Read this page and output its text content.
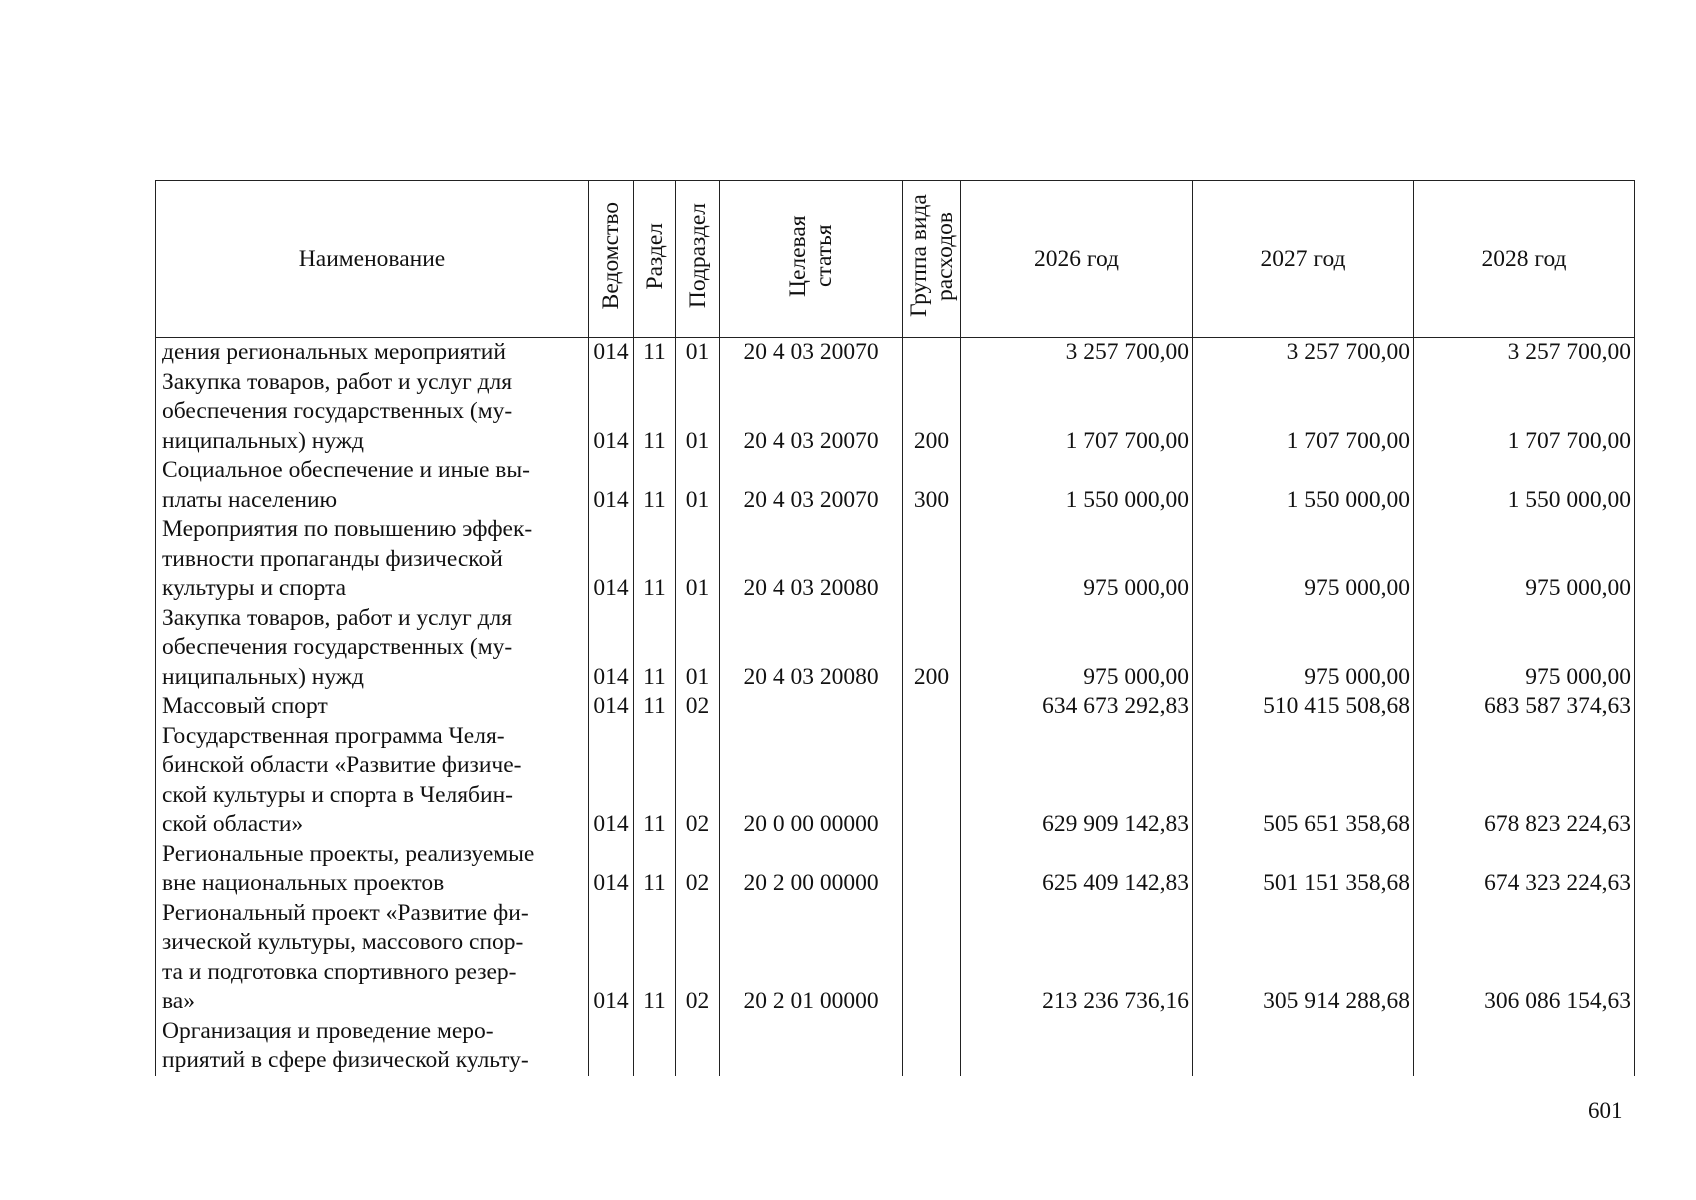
Наименование	Ведомство	Раздел	Подраздел	Целевая статья	Группа вида расходов	2026 год	2027 год	2028 год

дения региональных мероприятий	014	11	01	20 4 03 20070		3 257 700,00	3 257 700,00	3 257 700,00

Закупка товаров, работ и услуг для
обеспечения государственных (му-
ниципальных) нужд	014	11	01	20 4 03 20070	200	1 707 700,00	1 707 700,00	1 707 700,00

Социальное обеспечение и иные вы-
платы населению	014	11	01	20 4 03 20070	300	1 550 000,00	1 550 000,00	1 550 000,00

Мероприятия по повышению эффек-
тивности пропаганды физической
культуры и спорта	014	11	01	20 4 03 20080		975 000,00	975 000,00	975 000,00

Закупка товаров, работ и услуг для
обеспечения государственных (му-
ниципальных) нужд	014	11	01	20 4 03 20080	200	975 000,00	975 000,00	975 000,00

Массовый спорт	014	11	02			634 673 292,83	510 415 508,68	683 587 374,63

Государственная программа Челя-
бинской области «Развитие физиче-
ской культуры и спорта в Челябин-
ской области»	014	11	02	20 0 00 00000		629 909 142,83	505 651 358,68	678 823 224,63

Региональные проекты, реализуемые
вне национальных проектов	014	11	02	20 2 00 00000		625 409 142,83	501 151 358,68	674 323 224,63

Региональный проект «Развитие фи-
зической культуры, массового спор-
та и подготовка спортивного резер-
ва»	014	11	02	20 2 01 00000		213 236 736,16	305 914 288,68	306 086 154,63

Организация и проведение меро-
приятий в сфере физической культу-								

601
